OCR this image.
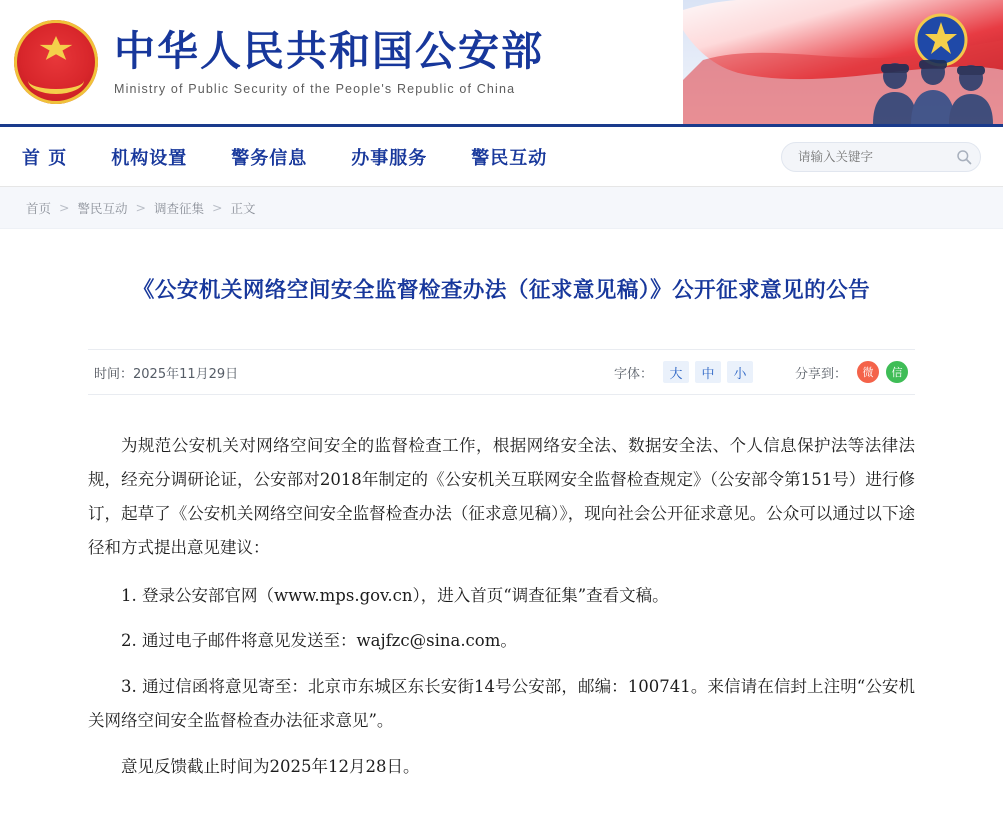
中华人民共和国公安部
Ministry of Public Security of the People's Republic of China
首 页 机构设置 警务信息 办事服务 警民互动
请输入关键字
首页 > 警民互动 > 调查征集 > 正文
《公安机关网络空间安全监督检查办法（征求意见稿）》公开征求意见的公告
时间： 2025年11月29日	字体：	大	中	小	分享到：	微	信

为规范公安机关对网络空间安全的监督检查工作，根据网络安全法、数据安全法、个人信息保护法等法律法规，经充分调研论证，公安部对2018年制定的《公安机关互联网安全监督检查规定》（公安部令第151号）进行修订，起草了《公安机关网络空间安全监督检查办法（征求意见稿）》，现向社会公开征求意见。公众可以通过以下途径和方式提出意见建议：

1. 登录公安部官网（www.mps.gov.cn），进入首页“调查征集”查看文稿。

2. 通过电子邮件将意见发送至：wajfzc@sina.com。

3. 通过信函将意见寄至：北京市东城区东长安街14号公安部，邮编：100741。来信请在信封上注明“公安机关网络空间安全监督检查办法征求意见”。

意见反馈截止时间为2025年12月28日。
